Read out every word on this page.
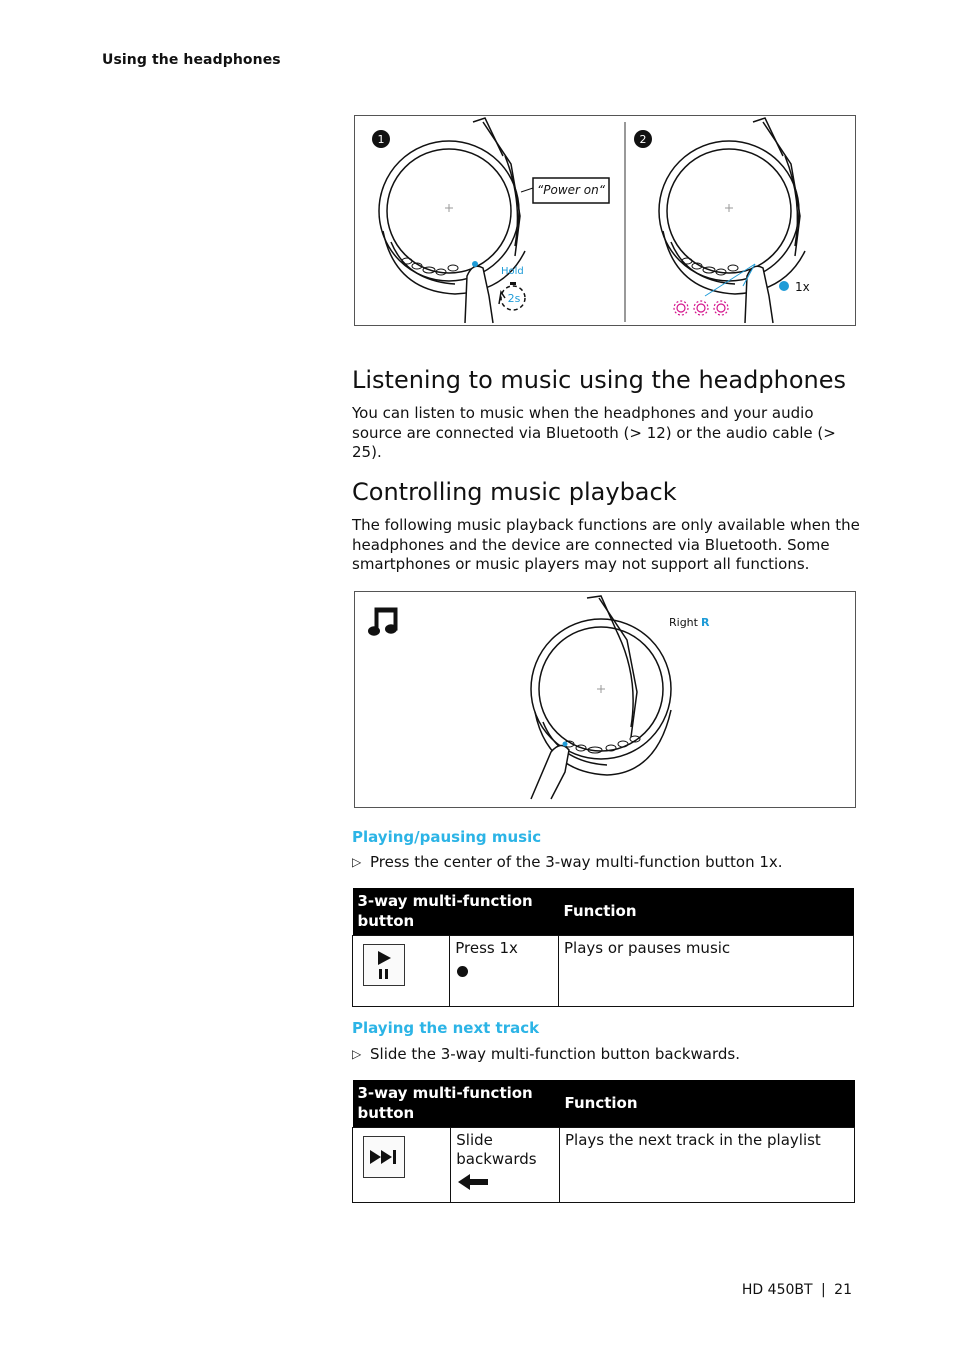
Using the headphones
1
“Power on“
Hold
2s
2
1x
Listening to music using the headphones
You can listen to music when the headphones and your audio source are connected via Bluetooth (> 12) or the audio cable (> 25).
Controlling music playback
The following music playback functions are only available when the headphones and the device are connected via Bluetooth. Some smartphones or music players may not support all functions.
Right R
Playing/pausing music
▷ Press the center of the 3-way multi-function button 1x.
3-way multi-function button		Function

Press 1x	Plays or pauses music
Playing the next track
▷ Slide the 3-way multi-function button backwards.
3-way multi-function button		Function

Slide backwards	Plays the next track in the playlist
HD 450BT | 21
